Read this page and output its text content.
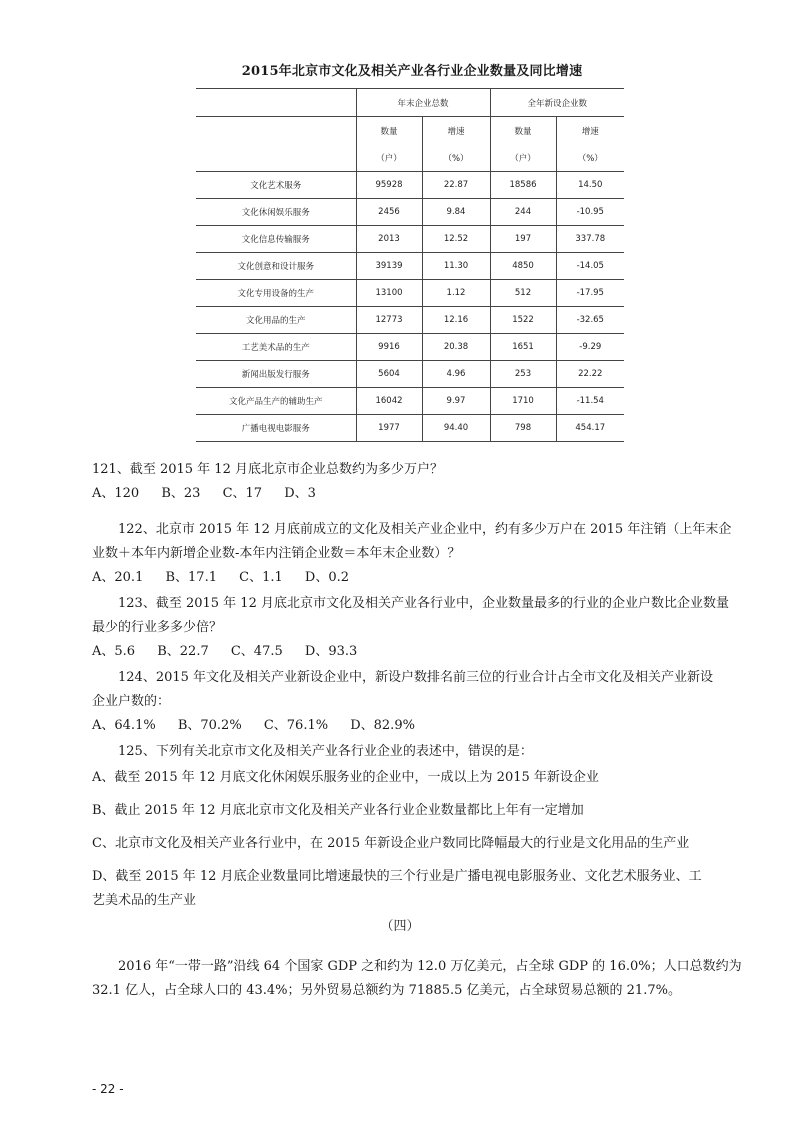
2015年北京市文化及相关产业各行业企业数量及同比增速
	年末企业总数		全年新设企业数	
	数量	增速	数量	增速
	（户）	（%）	（户）	（%）
文化艺术服务	95928	22.87	18586	14.50
文化休闲娱乐服务	2456	9.84	244	-10.95
文化信息传输服务	2013	12.52	197	337.78
文化创意和设计服务	39139	11.30	4850	-14.05
文化专用设备的生产	13100	1.12	512	-17.95
文化用品的生产	12773	12.16	1522	-32.65
工艺美术品的生产	9916	20.38	1651	-9.29
新闻出版发行服务	5604	4.96	253	22.22
文化产品生产的辅助生产	16042	9.97	1710	-11.54
广播电视电影服务	1977	94.40	798	454.17

121、截至 2015 年 12 月底北京市企业总数约为多少万户？

A、120 B、23 C、17 D、3

122、北京市 2015 年 12 月底前成立的文化及相关产业企业中，约有多少万户在 2015 年注销（上年末企

业数＋本年内新增企业数-本年内注销企业数＝本年末企业数）？

A、20.1 B、17.1 C、1.1 D、0.2

123、截至 2015 年 12 月底北京市文化及相关产业各行业中，企业数量最多的行业的企业户数比企业数量

最少的行业多多少倍？

A、5.6 B、22.7 C、47.5 D、93.3

124、2015 年文化及相关产业新设企业中，新设户数排名前三位的行业合计占全市文化及相关产业新设

企业户数的：

A、64.1% B、70.2% C、76.1% D、82.9%

125、下列有关北京市文化及相关产业各行业企业的表述中，错误的是：

A、截至 2015 年 12 月底文化休闲娱乐服务业的企业中，一成以上为 2015 年新设企业

B、截止 2015 年 12 月底北京市文化及相关产业各行业企业数量都比上年有一定增加

C、北京市文化及相关产业各行业中，在 2015 年新设企业户数同比降幅最大的行业是文化用品的生产业

D、截至 2015 年 12 月底企业数量同比增速最快的三个行业是广播电视电影服务业、文化艺术服务业、工

艺美术品的生产业

（四）

2016 年“一带一路”沿线 64 个国家 GDP 之和约为 12.0 万亿美元，占全球 GDP 的 16.0%；人口总数约为

32.1 亿人，占全球人口的 43.4%；另外贸易总额约为 71885.5 亿美元，占全球贸易总额的 21.7%。

- 22 -
